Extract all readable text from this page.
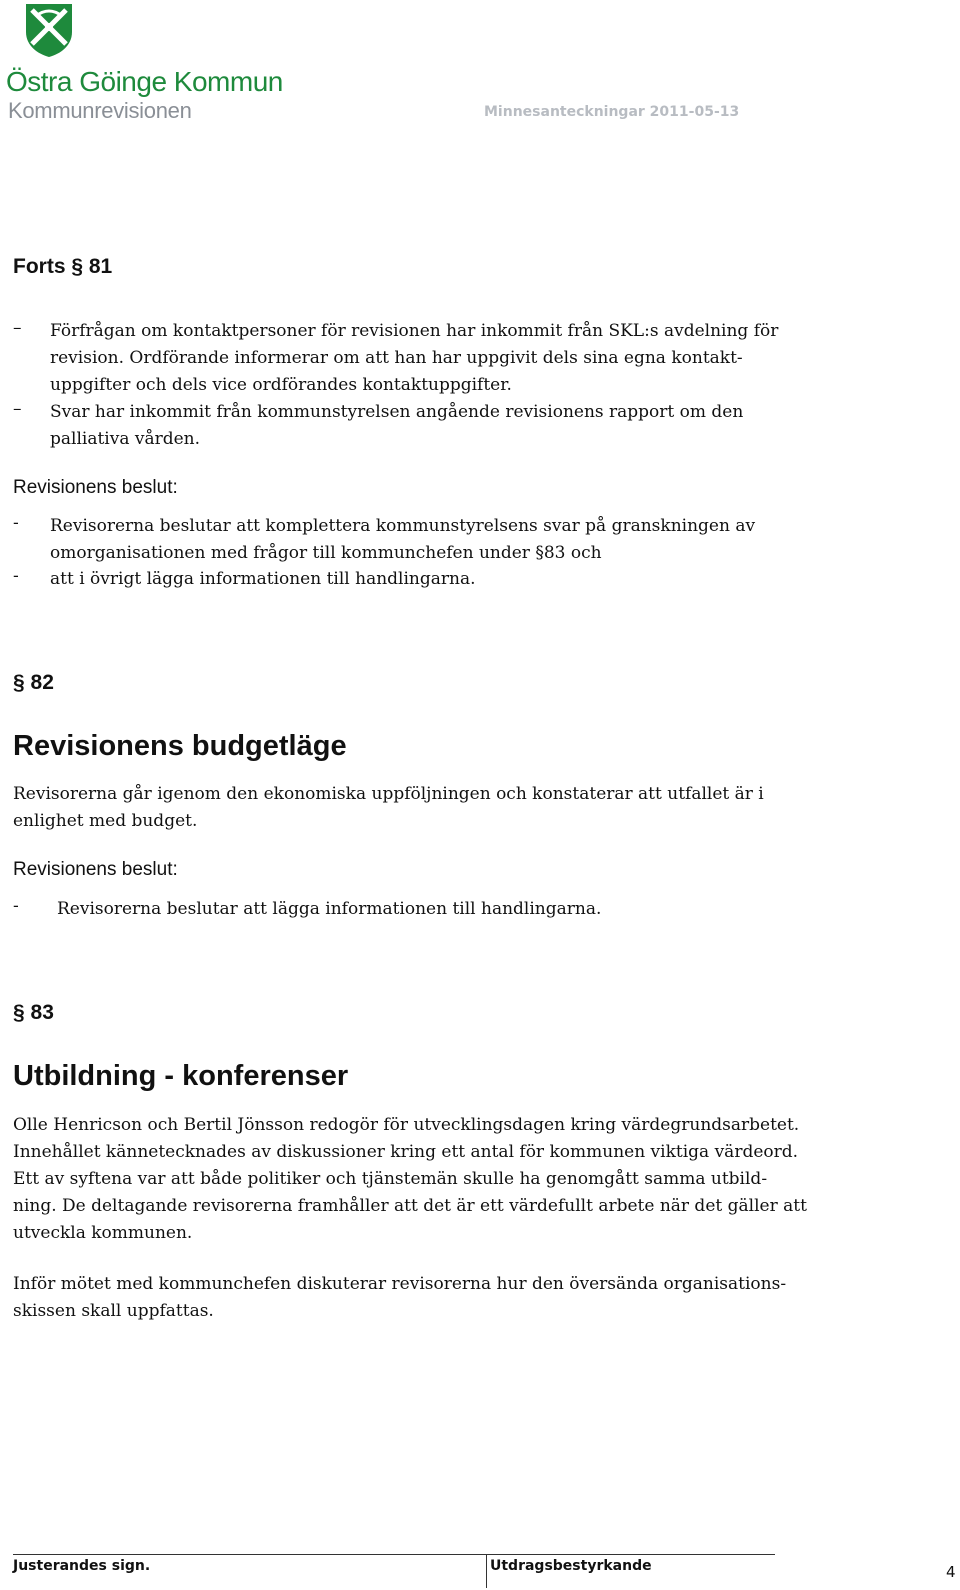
Östra Göinge Kommun
Kommunrevisionen	Minnesanteckningar 2011-05-13
Forts § 81
– Förfrågan om kontaktpersoner för revisionen har inkommit från SKL:s avdelning för
revision. Ordförande informerar om att han har uppgivit dels sina egna kontakt-
uppgifter och dels vice ordförandes kontaktuppgifter.
– Svar har inkommit från kommunstyrelsen angående revisionens rapport om den
palliativa vården.
Revisionens beslut:
- Revisorerna beslutar att komplettera kommunstyrelsens svar på granskningen av
omorganisationen med frågor till kommunchefen under §83 och
- att i övrigt lägga informationen till handlingarna.
§ 82
Revisionens budgetläge
Revisorerna går igenom den ekonomiska uppföljningen och konstaterar att utfallet är i
enlighet med budget.
Revisionens beslut:
- Revisorerna beslutar att lägga informationen till handlingarna.
§ 83
Utbildning - konferenser
Olle Henricson och Bertil Jönsson redogör för utvecklingsdagen kring värdegrundsarbetet.
Innehållet kännetecknades av diskussioner kring ett antal för kommunen viktiga värdeord.
Ett av syftena var att både politiker och tjänstemän skulle ha genomgått samma utbild-
ning. De deltagande revisorerna framhåller att det är ett värdefullt arbete när det gäller att
utveckla kommunen.
Inför mötet med kommunchefen diskuterar revisorerna hur den översända organisations-
skissen skall uppfattas.
Justerandes sign.	Utdragsbestyrkande	4
